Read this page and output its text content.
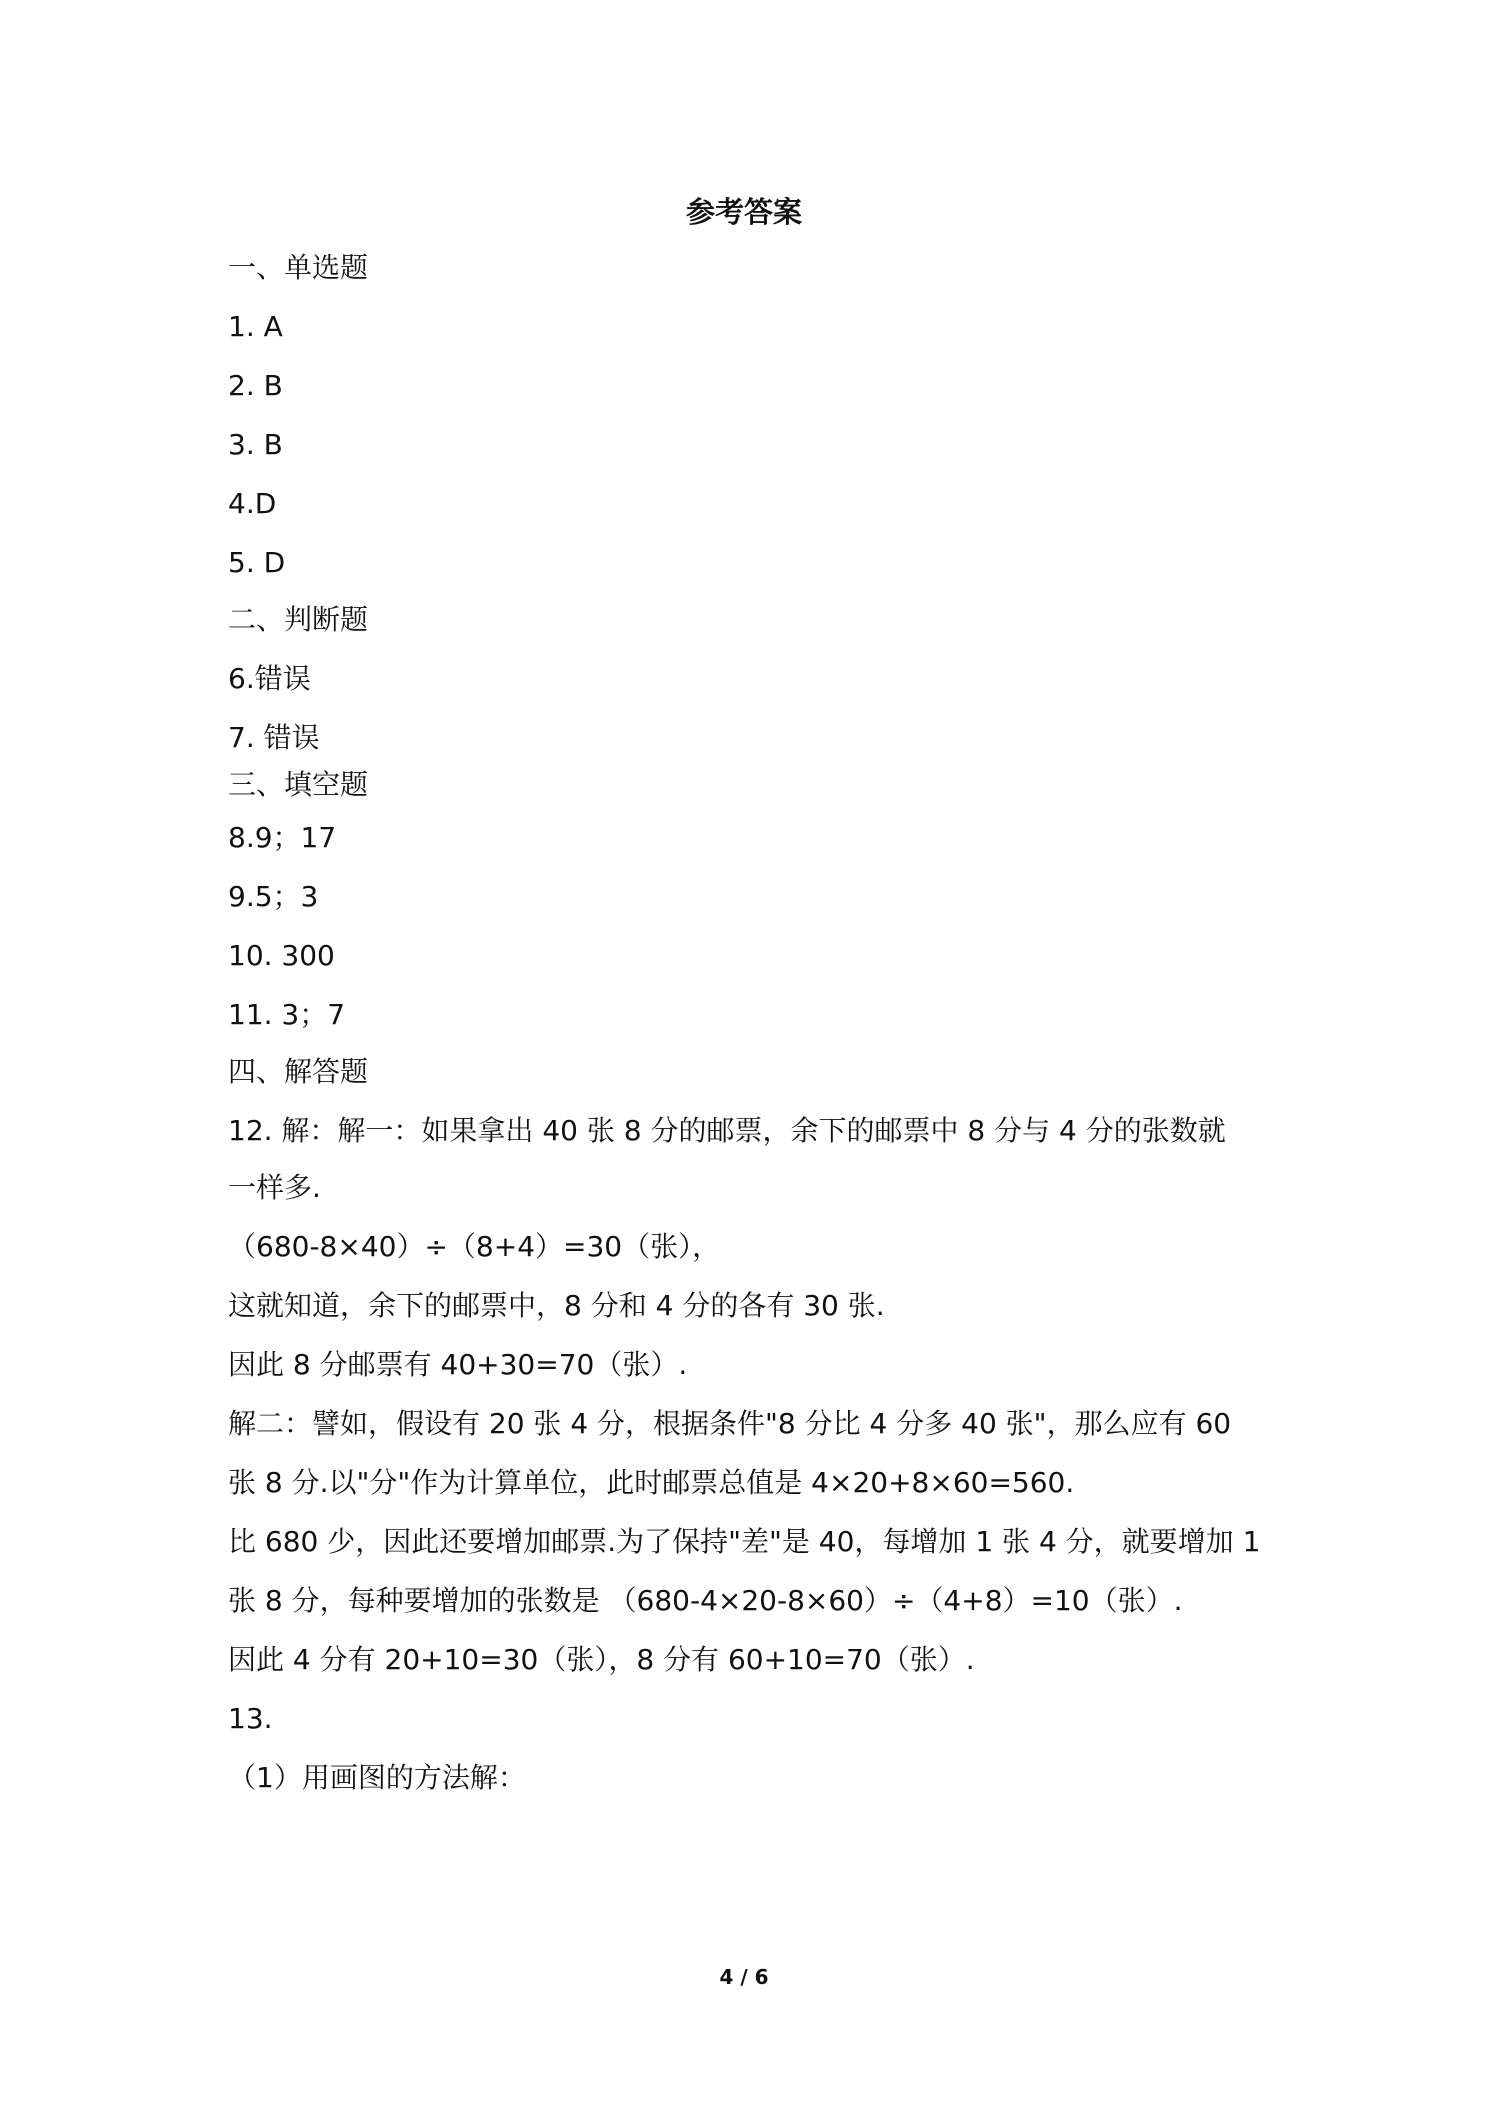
参考答案
一、单选题
1. A
2. B
3. B
4.D
5. D
二、判断题
6.错误
7. 错误
三、填空题
8.9；17
9.5；3
10. 300
11. 3；7
四、解答题
12. 解：解一：如果拿出 40 张 8 分的邮票，余下的邮票中 8 分与 4 分的张数就
一样多.
（680-8×40）÷（8+4）=30（张），
这就知道，余下的邮票中，8 分和 4 分的各有 30 张.
因此 8 分邮票有 40+30=70（张）.
解二：譬如，假设有 20 张 4 分，根据条件"8 分比 4 分多 40 张"，那么应有 60
张 8 分.以"分"作为计算单位，此时邮票总值是 4×20+8×60=560.
比 680 少，因此还要增加邮票.为了保持"差"是 40，每增加 1 张 4 分，就要增加 1
张 8 分，每种要增加的张数是 （680-4×20-8×60）÷（4+8）=10（张）.
因此 4 分有 20+10=30（张），8 分有 60+10=70（张）.
13.
（1）用画图的方法解：
4 / 6
